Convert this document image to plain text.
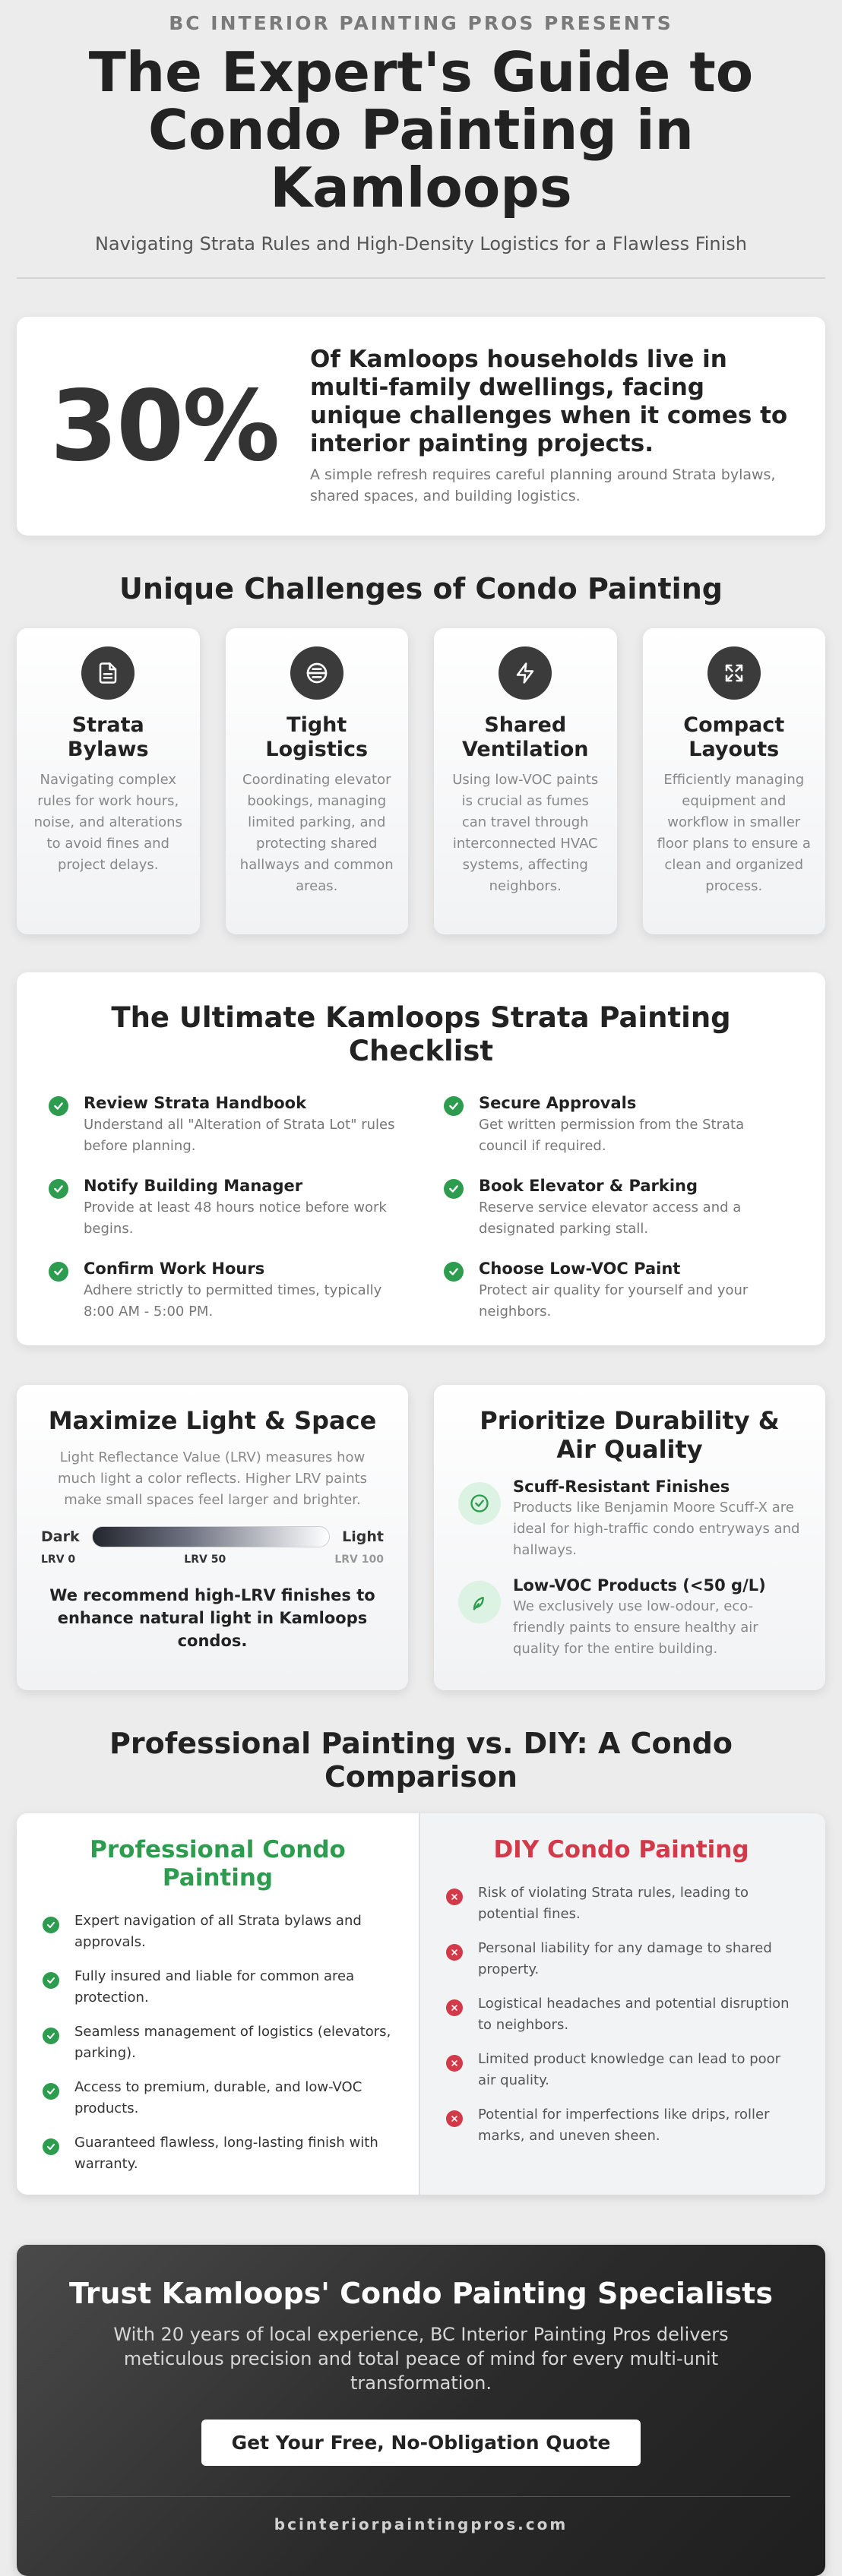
BC INTERIOR PAINTING PROS PRESENTS
The Expert's Guide to Condo Painting in Kamloops
Navigating Strata Rules and High-Density Logistics for a Flawless Finish
30%
Of Kamloops households live in multi-family dwellings, facing unique challenges when it comes to interior painting projects.
A simple refresh requires careful planning around Strata bylaws, shared spaces, and building logistics.
Unique Challenges of Condo Painting
Strata Bylaws
Navigating complex rules for work hours, noise, and alterations to avoid fines and project delays.
Tight Logistics
Coordinating elevator bookings, managing limited parking, and protecting shared hallways and common areas.
Shared Ventilation
Using low-VOC paints is crucial as fumes can travel through interconnected HVAC systems, affecting neighbors.
Compact Layouts
Efficiently managing equipment and workflow in smaller floor plans to ensure a clean and organized process.
The Ultimate Kamloops Strata Painting Checklist
Review Strata Handbook
Understand all "Alteration of Strata Lot" rules before planning.
Secure Approvals
Get written permission from the Strata council if required.
Notify Building Manager
Provide at least 48 hours notice before work begins.
Book Elevator & Parking
Reserve service elevator access and a designated parking stall.
Confirm Work Hours
Adhere strictly to permitted times, typically 8:00 AM - 5:00 PM.
Choose Low-VOC Paint
Protect air quality for yourself and your neighbors.
Maximize Light & Space
Light Reflectance Value (LRV) measures how much light a color reflects. Higher LRV paints make small spaces feel larger and brighter.
Dark	Light
LRV 0	LRV 50	LRV 100
We recommend high-LRV finishes to enhance natural light in Kamloops condos.
Prioritize Durability & Air Quality
Scuff-Resistant Finishes
Products like Benjamin Moore Scuff-X are ideal for high-traffic condo entryways and hallways.
Low-VOC Products (<50 g/L)
We exclusively use low-odour, eco-friendly paints to ensure healthy air quality for the entire building.
Professional Painting vs. DIY: A Condo Comparison
Professional Condo Painting
Expert navigation of all Strata bylaws and approvals.
Fully insured and liable for common area protection.
Seamless management of logistics (elevators, parking).
Access to premium, durable, and low-VOC products.
Guaranteed flawless, long-lasting finish with warranty.
DIY Condo Painting
Risk of violating Strata rules, leading to potential fines.
Personal liability for any damage to shared property.
Logistical headaches and potential disruption to neighbors.
Limited product knowledge can lead to poor air quality.
Potential for imperfections like drips, roller marks, and uneven sheen.
Trust Kamloops' Condo Painting Specialists
With 20 years of local experience, BC Interior Painting Pros delivers meticulous precision and total peace of mind for every multi-unit transformation.
Get Your Free, No-Obligation Quote
bcinteriorpaintingpros.com
